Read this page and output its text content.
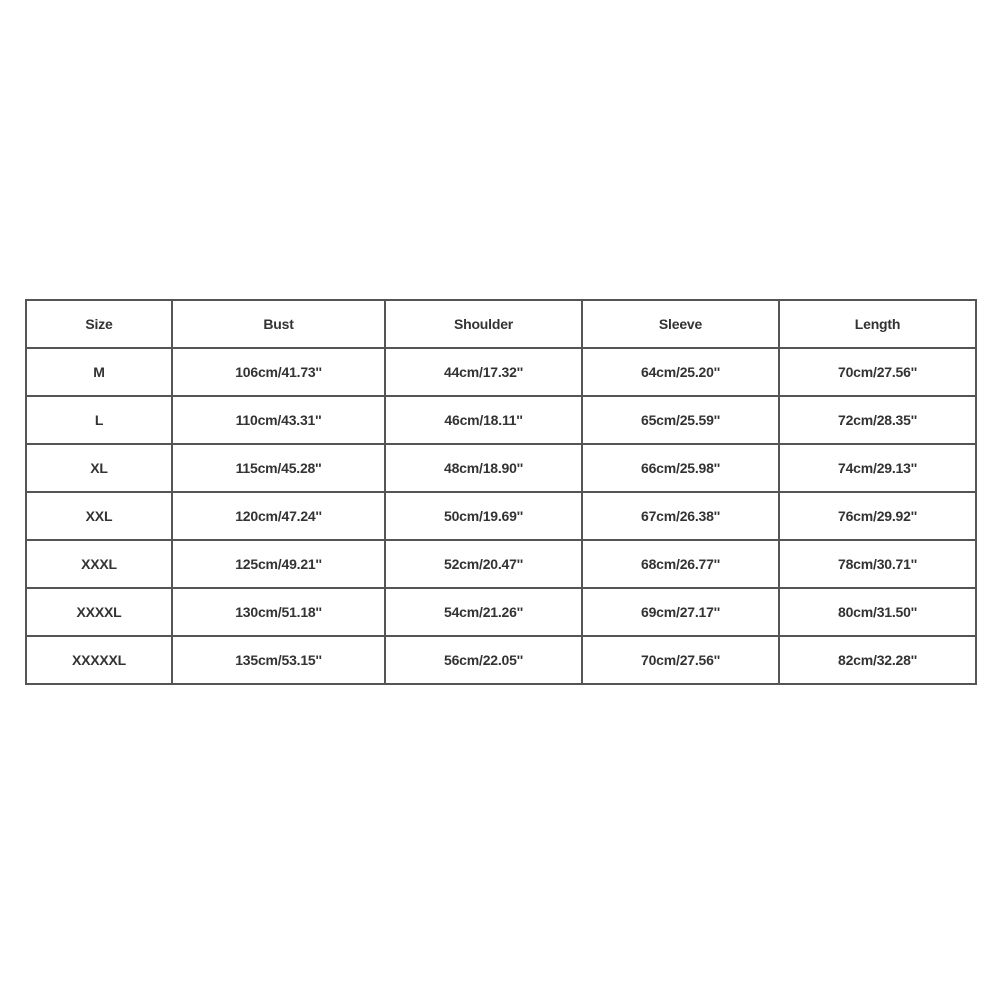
Size	Bust	Shoulder	Sleeve	Length
M	106cm/41.73''	44cm/17.32''	64cm/25.20''	70cm/27.56''
L	110cm/43.31''	46cm/18.11''	65cm/25.59''	72cm/28.35''
XL	115cm/45.28''	48cm/18.90''	66cm/25.98''	74cm/29.13''
XXL	120cm/47.24''	50cm/19.69''	67cm/26.38''	76cm/29.92''
XXXL	125cm/49.21''	52cm/20.47''	68cm/26.77''	78cm/30.71''
XXXXL	130cm/51.18''	54cm/21.26''	69cm/27.17''	80cm/31.50''
XXXXXL	135cm/53.15''	56cm/22.05''	70cm/27.56''	82cm/32.28''
